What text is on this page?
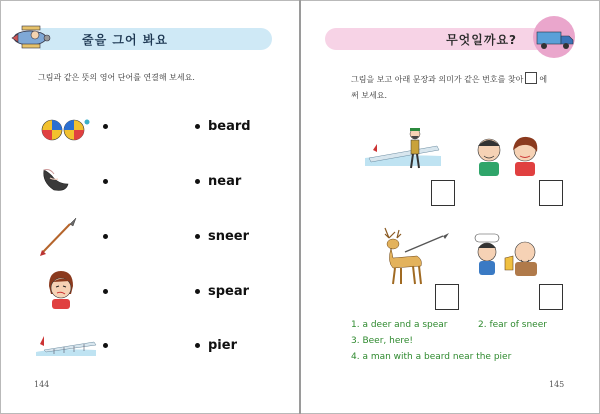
줄을 그어 봐요
그림과 같은 뜻의 영어 단어를 연결해 보세요.
beard
near
sneer
spear
pier
144
무엇일까요?
그림을 보고 아래 문장과 의미가 같은 번호를 찾아 에
써 보세요.
1. a deer and a spear	2. fear of sneer
3. Beer, here!
4. a man with a beard near the pier
145
